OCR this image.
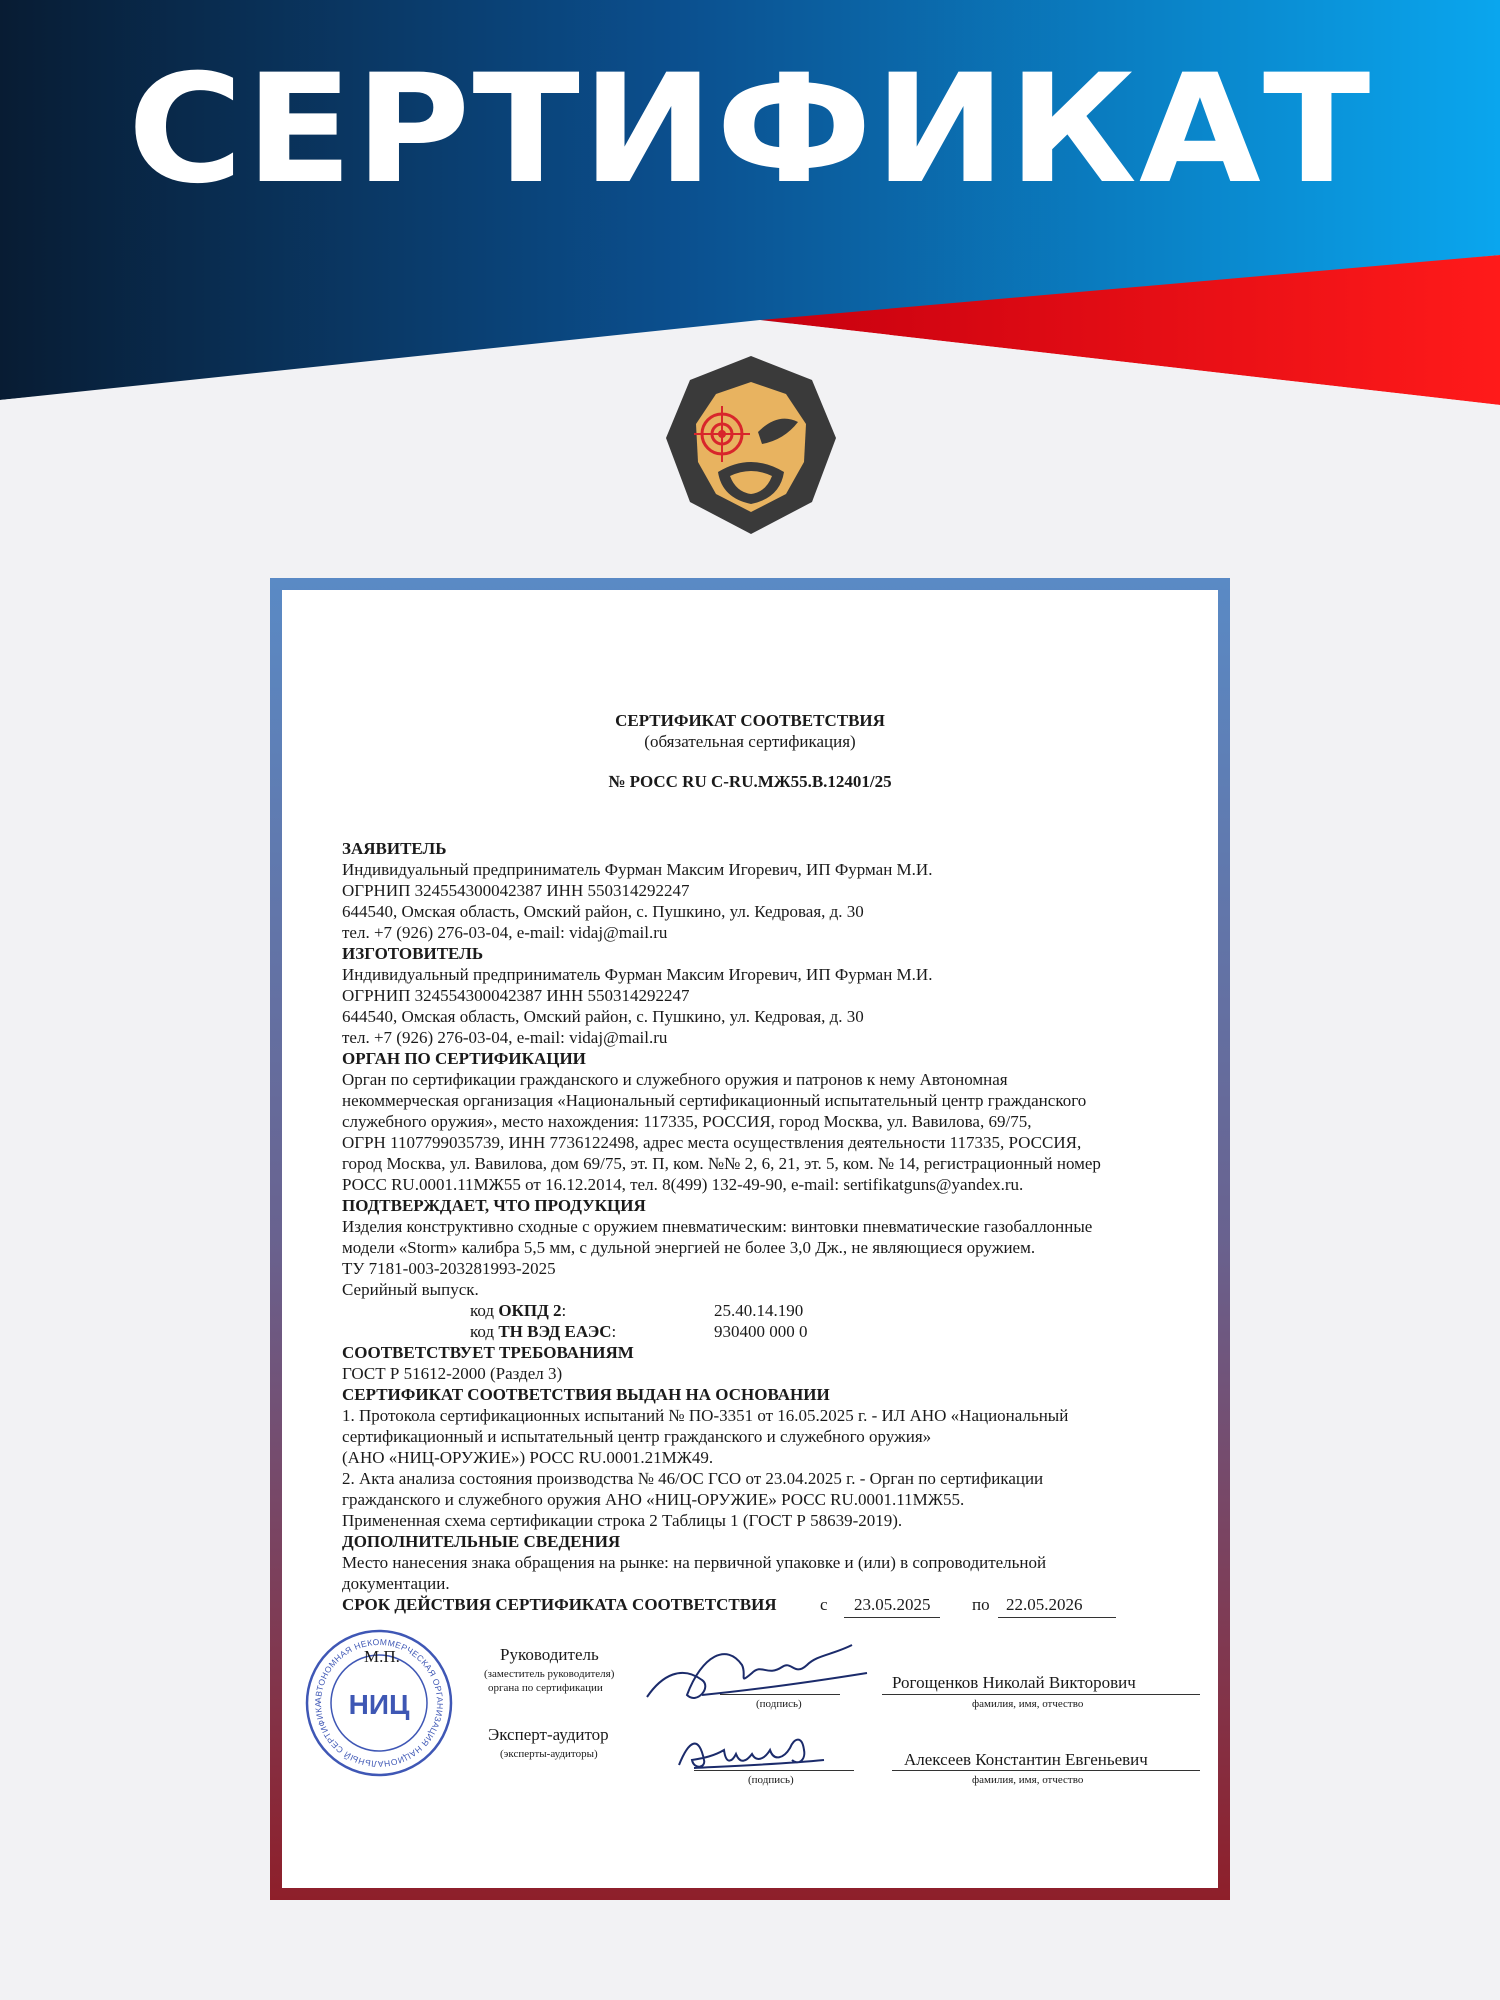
СЕРТИФИКАТ
СЕРТИФИКАТ СООТВЕТСТВИЯ
(обязательная сертификация)
№ РОСС RU С-RU.МЖ55.В.12401/25
ЗАЯВИТЕЛЬ
Индивидуальный предприниматель Фурман Максим Игоревич, ИП Фурман М.И.
ОГРНИП 324554300042387 ИНН 550314292247
644540, Омская область, Омский район, с. Пушкино, ул. Кедровая, д. 30
тел. +7 (926) 276-03-04, e-mail: vidaj@mail.ru
ИЗГОТОВИТЕЛЬ
Индивидуальный предприниматель Фурман Максим Игоревич, ИП Фурман М.И.
ОГРНИП 324554300042387 ИНН 550314292247
644540, Омская область, Омский район, с. Пушкино, ул. Кедровая, д. 30
тел. +7 (926) 276-03-04, e-mail: vidaj@mail.ru
ОРГАН ПО СЕРТИФИКАЦИИ
Орган по сертификации гражданского и служебного оружия и патронов к нему Автономная
некоммерческая организация «Национальный сертификационный испытательный центр гражданского
служебного оружия», место нахождения: 117335, РОССИЯ, город Москва, ул. Вавилова, 69/75,
ОГРН 1107799035739, ИНН 7736122498, адрес места осуществления деятельности 117335, РОССИЯ,
город Москва, ул. Вавилова, дом 69/75, эт. П, ком. №№ 2, 6, 21, эт. 5, ком. № 14, регистрационный номер
РОСС RU.0001.11МЖ55 от 16.12.2014, тел. 8(499) 132-49-90, e-mail: sertifikatguns@yandex.ru.
ПОДТВЕРЖДАЕТ, ЧТО ПРОДУКЦИЯ
Изделия конструктивно сходные с оружием пневматическим: винтовки пневматические газобаллонные
модели «Storm» калибра 5,5 мм, с дульной энергией не более 3,0 Дж., не являющиеся оружием.
ТУ 7181-003-203281993-2025
Серийный выпуск.
код ОКПД 2:	25.40.14.190
код ТН ВЭД ЕАЭС:	930400 000 0
СООТВЕТСТВУЕТ ТРЕБОВАНИЯМ
ГОСТ Р 51612-2000 (Раздел 3)
СЕРТИФИКАТ СООТВЕТСТВИЯ ВЫДАН НА ОСНОВАНИИ
1. Протокола сертификационных испытаний № ПО-3351 от 16.05.2025 г. - ИЛ АНО «Национальный
сертификационный и испытательный центр гражданского и служебного оружия»
(АНО «НИЦ-ОРУЖИЕ») РОСС RU.0001.21МЖ49.
2. Акта анализа состояния производства № 46/ОС ГСО от 23.04.2025 г. - Орган по сертификации
гражданского и служебного оружия АНО «НИЦ-ОРУЖИЕ» РОСС RU.0001.11МЖ55.
Примененная схема сертификации строка 2 Таблицы 1 (ГОСТ Р 58639-2019).
ДОПОЛНИТЕЛЬНЫЕ СВЕДЕНИЯ
Место нанесения знака обращения на рынке: на первичной упаковке и (или) в сопроводительной
документации.
СРОК ДЕЙСТВИЯ СЕРТИФИКАТА СООТВЕТСТВИЯ	с 23.05.2025 по 22.05.2026
АВТОНОМНАЯ НЕКОММЕРЧЕСКАЯ ОРГАНИЗАЦИЯ НАЦИОНАЛЬНЫЙ СЕРТИФИКА НИЦ
М.П.	Руководитель
(заместитель руководителя)
органа по сертификации
(подпись)
Рогощенков Николай Викторович
фамилия, имя, отчество
Эксперт-аудитор
(эксперты-аудиторы)
(подпись)
Алексеев Константин Евгеньевич
фамилия, имя, отчество
